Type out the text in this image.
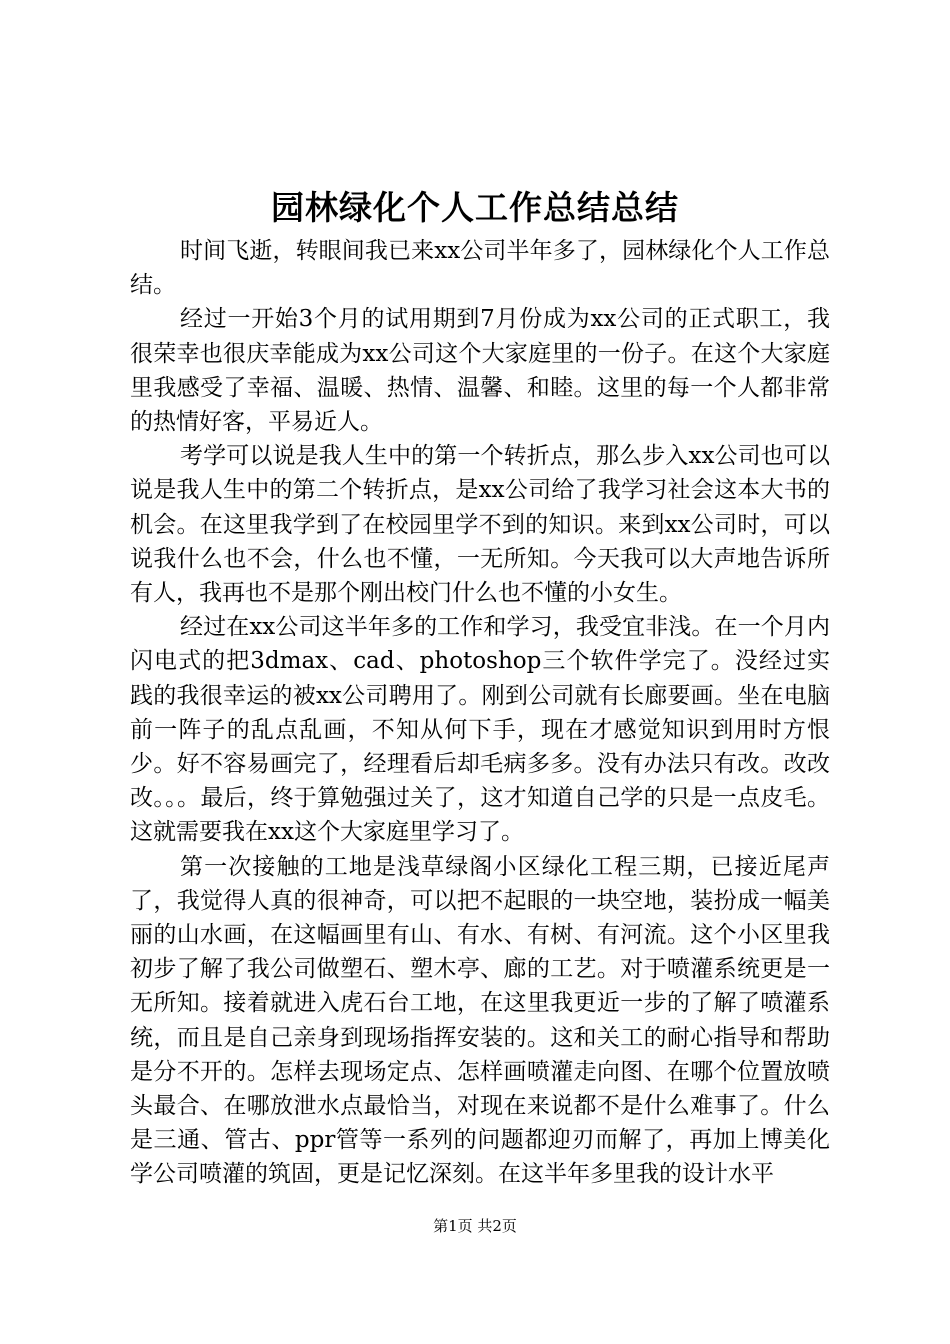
园林绿化个人工作总结总结

时间飞逝，转眼间我已来xx公司半年多了，园林绿化个人工作总结。

经过一开始3个月的试用期到7月份成为xx公司的正式职工，我很荣幸也很庆幸能成为xx公司这个大家庭里的一份子。在这个大家庭里我感受了幸福、温暖、热情、温馨、和睦。这里的每一个人都非常的热情好客，平易近人。

考学可以说是我人生中的第一个转折点，那么步入xx公司也可以说是我人生中的第二个转折点，是xx公司给了我学习社会这本大书的机会。在这里我学到了在校园里学不到的知识。来到xx公司时，可以说我什么也不会，什么也不懂，一无所知。今天我可以大声地告诉所有人，我再也不是那个刚出校门什么也不懂的小女生。

经过在xx公司这半年多的工作和学习，我受宜非浅。在一个月内闪电式的把3dmax、cad、photoshop三个软件学完了。没经过实践的我很幸运的被xx公司聘用了。刚到公司就有长廊要画。坐在电脑前一阵子的乱点乱画，不知从何下手，现在才感觉知识到用时方恨少。好不容易画完了，经理看后却毛病多多。没有办法只有改。改改改。。。最后，终于算勉强过关了，这才知道自己学的只是一点皮毛。这就需要我在xx这个大家庭里学习了。

第一次接触的工地是浅草绿阁小区绿化工程三期，已接近尾声了，我觉得人真的很神奇，可以把不起眼的一块空地，装扮成一幅美丽的山水画，在这幅画里有山、有水、有树、有河流。这个小区里我初步了解了我公司做塑石、塑木亭、廊的工艺。对于喷灌系统更是一无所知。接着就进入虎石台工地，在这里我更近一步的了解了喷灌系统，而且是自己亲身到现场指挥安装的。这和关工的耐心指导和帮助是分不开的。怎样去现场定点、怎样画喷灌走向图、在哪个位置放喷头最合、在哪放泄水点最恰当，对现在来说都不是什么难事了。什么是三通、管古、ppr管等一系列的问题都迎刃而解了，再加上博美化学公司喷灌的筑固，更是记忆深刻。在这半年多里我的设计水平

第1页 共2页
